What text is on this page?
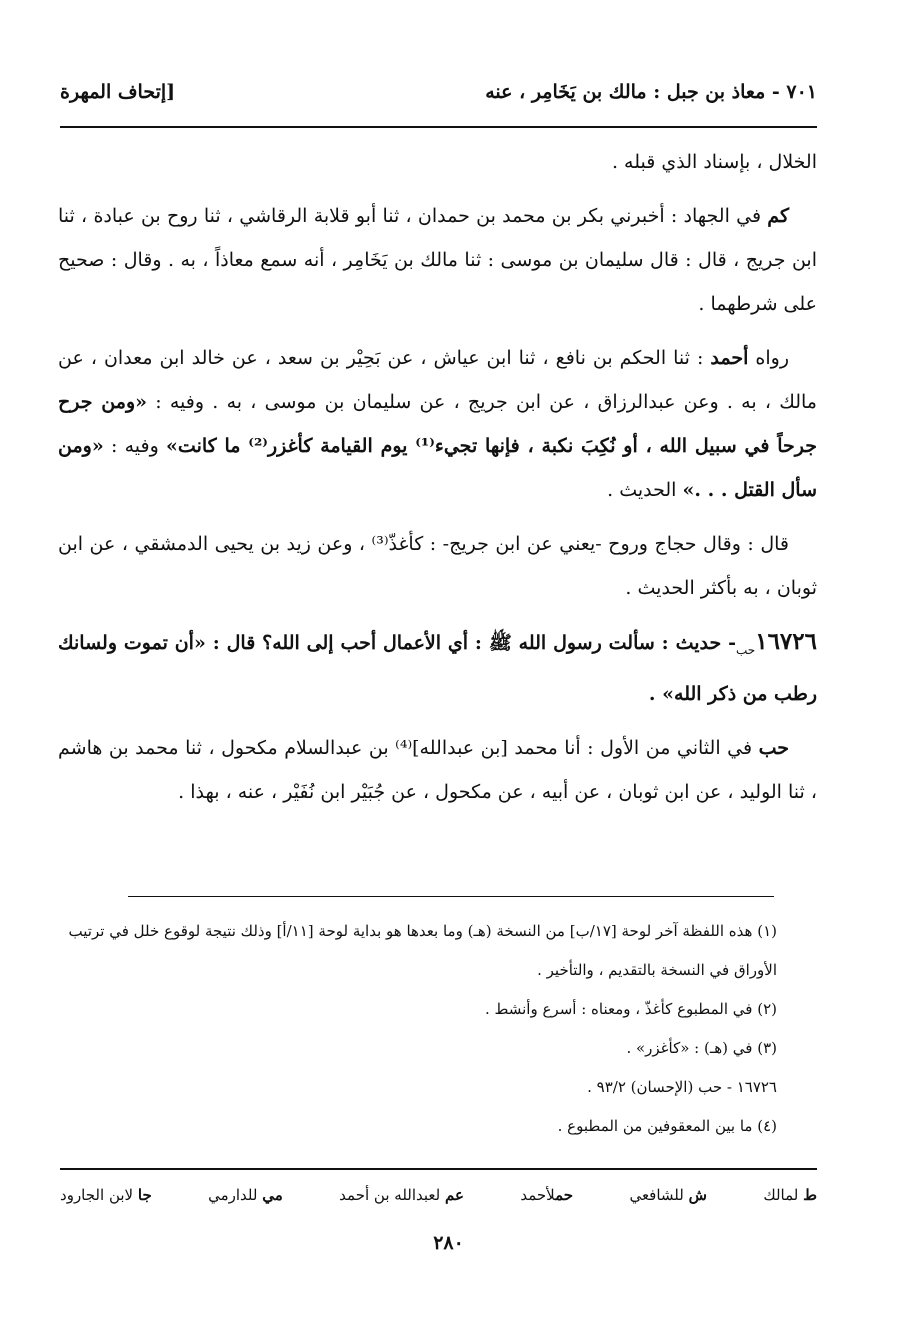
٧٠١ - معاذ بن جبل : مالك بن يَخَامِر ، عنه
[إتحاف المهرة

الخلال ، بإسناد الذي قبله .

كم في الجهاد : أخبرني بكر بن محمد بن حمدان ، ثنا أبو قلابة الرقاشي ، ثنا روح بن عبادة ، ثنا ابن جريج ، قال : قال سليمان بن موسى : ثنا مالك بن يَخَامِر ، أنه سمع معاذاً ، به . وقال : صحيح على شرطهما .

رواه أحمد : ثنا الحكم بن نافع ، ثنا ابن عياش ، عن بَحِيْر بن سعد ، عن خالد ابن معدان ، عن مالك ، به . وعن عبدالرزاق ، عن ابن جريج ، عن سليمان بن موسى ، به . وفيه : «ومن جرح جرحاً في سبيل الله ، أو نُكِبَ نكبة ، فإنها تجيء⁽¹⁾ يوم القيامة كأغزر⁽²⁾ ما كانت» وفيه : «ومن سأل القتل . . .» الحديث .

قال : وقال حجاج وروح -يعني عن ابن جريج- : كأغذّ⁽³⁾ ، وعن زيد بن يحيى الدمشقي ، عن ابن ثوبان ، به بأكثر الحديث .

$١٦٧٢٦_{حب}-$ حديث : سألت رسول الله ﷺ : أي الأعمال أحب إلى الله؟ قال : «أن تموت ولسانك رطب من ذكر الله» .

حب في الثاني من الأول : أنا محمد [بن عبدالله]⁽⁴⁾ بن عبدالسلام مكحول ، ثنا محمد بن هاشم ، ثنا الوليد ، عن ابن ثوبان ، عن أبيه ، عن مكحول ، عن جُبَيْر ابن نُفَيْر ، عنه ، بهذا .

(١) هذه اللفظة آخر لوحة [١٧/ب] من النسخة (هـ) وما بعدها هو بداية لوحة [١١/أ] وذلك نتيجة لوقوع خلل في ترتيب الأوراق في النسخة بالتقديم ، والتأخير .

(٢) في المطبوع كأغذّ ، ومعناه : أسرع وأنشط .

(٣) في (هـ) : «كأغزر» .

١٦٧٢٦ - حب (الإحسان) ٩٣/٢ .

(٤) ما بين المعقوفين من المطبوع .

ط لمالك
ش للشافعي
حملأحمد
عم لعبدالله بن أحمد
مي للدارمي
جا لابن الجارود
٢٨٠
